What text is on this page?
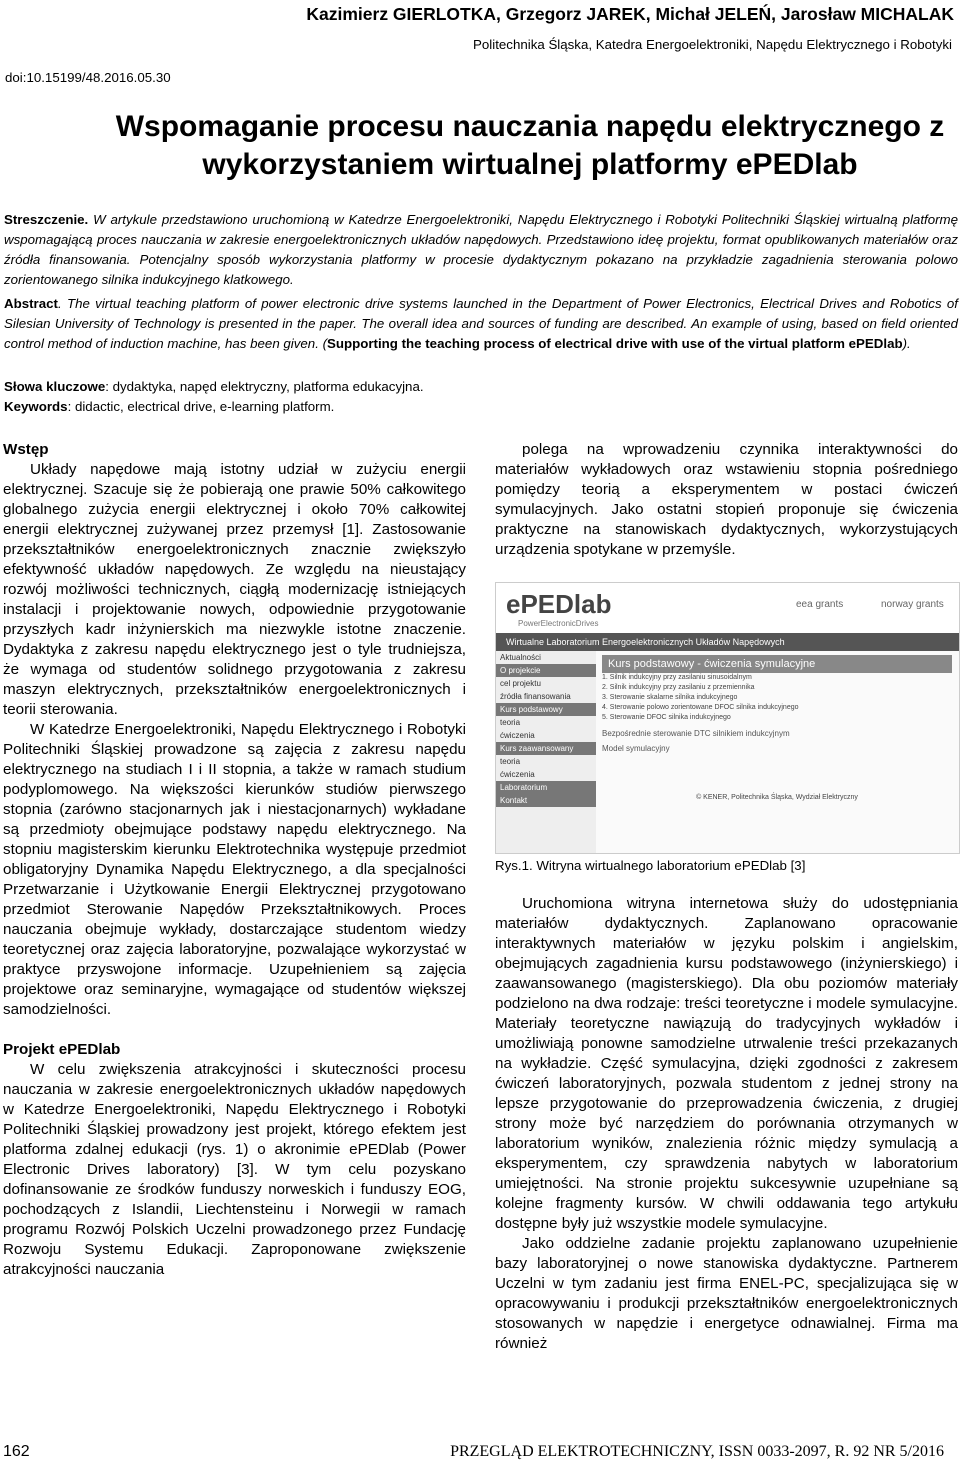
Kazimierz GIERLOTKA, Grzegorz JAREK, Michał JELEŃ, Jarosław MICHALAK
Politechnika Śląska, Katedra Energoelektroniki, Napędu Elektrycznego i Robotyki
doi:10.15199/48.2016.05.30
Wspomaganie procesu nauczania napędu elektrycznego z
wykorzystaniem wirtualnej platformy ePEDlab
Streszczenie. W artykule przedstawiono uruchomioną w Katedrze Energoelektroniki, Napędu Elektrycznego i Robotyki Politechniki Śląskiej wirtualną platformę wspomagającą proces nauczania w zakresie energoelektronicznych układów napędowych. Przedstawiono ideę projektu, format opublikowanych materiałów oraz źródła finansowania. Potencjalny sposób wykorzystania platformy w procesie dydaktycznym pokazano na przykładzie zagadnienia sterowania polowo zorientowanego silnika indukcyjnego klatkowego.
Abstract. The virtual teaching platform of power electronic drive systems launched in the Department of Power Electronics, Electrical Drives and Robotics of Silesian University of Technology is presented in the paper. The overall idea and sources of funding are described. An example of using, based on field oriented control method of induction machine, has been given. (Supporting the teaching process of electrical drive with use of the virtual platform ePEDlab).
Słowa kluczowe: dydaktyka, napęd elektryczny, platforma edukacyjna.
Keywords: didactic, electrical drive, e-learning platform.
Wstęp

Układy napędowe mają istotny udział w zużyciu energii elektrycznej. Szacuje się że pobierają one prawie 50% całkowitego globalnego zużycia energii elektrycznej i około 70% całkowitej energii elektrycznej zużywanej przez przemysł [1]. Zastosowanie przekształtników energoelektronicznych znacznie zwiększyło efektywność układów napędowych. Ze względu na nieustający rozwój możliwości technicznych, ciągłą modernizację istniejących instalacji i projektowanie nowych, odpowiednie przygotowanie przyszłych kadr inżynierskich ma niezwykle istotne znaczenie. Dydaktyka z zakresu napędu elektrycznego jest o tyle trudniejsza, że wymaga od studentów solidnego przygotowania z zakresu maszyn elektrycznych, przekształtników energoelektronicznych i teorii sterowania.

W Katedrze Energoelektroniki, Napędu Elektrycznego i Robotyki Politechniki Śląskiej prowadzone są zajęcia z zakresu napędu elektrycznego na studiach I i II stopnia, a także w ramach studium podyplomowego. Na większości kierunków studiów pierwszego stopnia (zarówno stacjonarnych jak i niestacjonarnych) wykładane są przedmioty obejmujące podstawy napędu elektrycznego. Na stopniu magisterskim kierunku Elektrotechnika występuje przedmiot obligatoryjny Dynamika Napędu Elektrycznego, a dla specjalności Przetwarzanie i Użytkowanie Energii Elektrycznej przygotowano przedmiot Sterowanie Napędów Przekształtnikowych. Proces nauczania obejmuje wykłady, dostarczające studentom wiedzy teoretycznej oraz zajęcia laboratoryjne, pozwalające wykorzystać w praktyce przyswojone informacje. Uzupełnieniem są zajęcia projektowe oraz seminaryjne, wymagające od studentów większej samodzielności.

Projekt ePEDlab

W celu zwiększenia atrakcyjności i skuteczności procesu nauczania w zakresie energoelektronicznych układów napędowych w Katedrze Energoelektroniki, Napędu Elektrycznego i Robotyki Politechniki Śląskiej prowadzony jest projekt, którego efektem jest platforma zdalnej edukacji (rys. 1) o akronimie ePEDlab (Power Electronic Drives laboratory) [3]. W tym celu pozyskano dofinansowanie ze środków funduszy norweskich i funduszy EOG, pochodzących z Islandii, Liechtensteinu i Norwegii w ramach programu Rozwój Polskich Uczelni prowadzonego przez Fundację Rozwoju Systemu Edukacji. Zaproponowane zwiększenie atrakcyjności nauczania

polega na wprowadzeniu czynnika interaktywności do materiałów wykładowych oraz wstawieniu stopnia pośredniego pomiędzy teorią a eksperymentem w postaci ćwiczeń symulacyjnych. Jako ostatni stopień proponuje się ćwiczenia praktyczne na stanowiskach dydaktycznych, wykorzystujących urządzenia spotykane w przemyśle.

ePEDlab
PowerElectronicDrives
eea grants	norway grants
Wirtualne Laboratorium Energoelektronicznych Układów Napędowych
Aktualności
O projekcie
cel projektu
źródła finansowania
Kurs podstawowy
teoria
ćwiczenia
Kurs zaawansowany
teoria
ćwiczenia
Laboratorium
Kontakt
Kurs podstawowy - ćwiczenia symulacyjne
1. Silnik indukcyjny przy zasilaniu sinusoidalnym
2. Silnik indukcyjny przy zasilaniu z przemiennika
3. Sterowanie skalarne silnika indukcyjnego
4. Sterowanie polowo zorientowane DFOC silnika indukcyjnego
5. Sterowanie DFOC silnika indukcyjnego
Bezpośrednie sterowanie DTC silnikiem indukcyjnym
Model symulacyjny
© KENER, Politechnika Śląska, Wydział Elektryczny
Rys.1. Witryna wirtualnego laboratorium ePEDlab [3]

Uruchomiona witryna internetowa służy do udostępniania materiałów dydaktycznych. Zaplanowano opracowanie interaktywnych materiałów w języku polskim i angielskim, obejmujących zagadnienia kursu podstawowego (inżynierskiego) i zaawansowanego (magisterskiego). Dla obu poziomów materiały podzielono na dwa rodzaje: treści teoretyczne i modele symulacyjne. Materiały teoretyczne nawiązują do tradycyjnych wykładów i umożliwiają ponowne samodzielne utrwalenie treści przekazanych na wykładzie. Część symulacyjna, dzięki zgodności z zakresem ćwiczeń laboratoryjnych, pozwala studentom z jednej strony na lepsze przygotowanie do przeprowadzenia ćwiczenia, z drugiej strony może być narzędziem do porównania otrzymanych w laboratorium wyników, znalezienia różnic między symulacją a eksperymentem, czy sprawdzenia nabytych w laboratorium umiejętności. Na stronie projektu sukcesywnie uzupełniane są kolejne fragmenty kursów. W chwili oddawania tego artykułu dostępne były już wszystkie modele symulacyjne.

Jako oddzielne zadanie projektu zaplanowano uzupełnienie bazy laboratoryjnej o nowe stanowiska dydaktyczne. Partnerem Uczelni w tym zadaniu jest firma ENEL-PC, specjalizująca się w opracowywaniu i produkcji przekształtników energoelektronicznych stosowanych w napędzie i energetyce odnawialnej. Firma ma również

162	PRZEGLĄD ELEKTROTECHNICZNY, ISSN 0033-2097, R. 92 NR 5/2016
